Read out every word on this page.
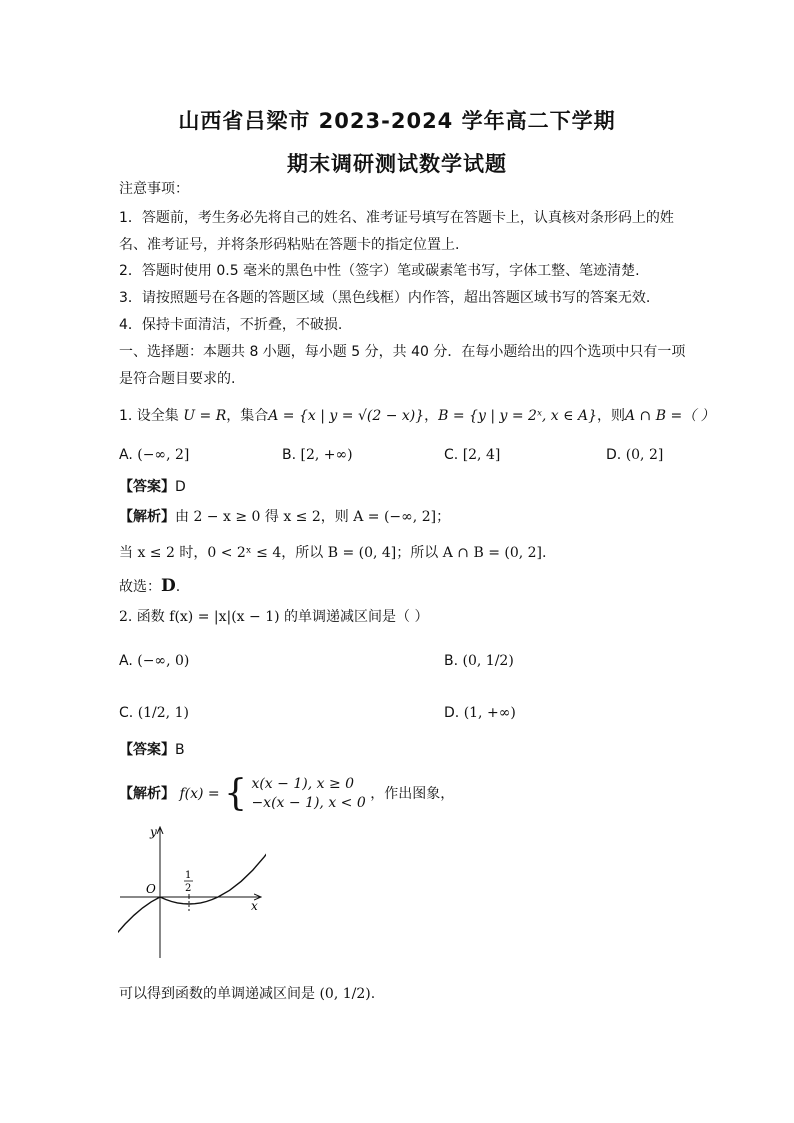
山西省吕梁市 2023-2024 学年高二下学期
期末调研测试数学试题
注意事项：
1．答题前，考生务必先将自己的姓名、准考证号填写在答题卡上，认真核对条形码上的姓
名、准考证号，并将条形码粘贴在答题卡的指定位置上.
2．答题时使用 0.5 毫米的黑色中性（签字）笔或碳素笔书写，字体工整、笔迹清楚.
3．请按照题号在各题的答题区域（黑色线框）内作答，超出答题区域书写的答案无效.
4．保持卡面清洁，不折叠，不破损.
一、选择题：本题共 8 小题，每小题 5 分，共 40 分．在每小题给出的四个选项中只有一项
是符合题目要求的.
1. 设全集 U = R，集合A = {x | y = √(2 − x)}，B = {y | y = 2ˣ, x ∈ A}，则A ∩ B =（ ）
A. (−∞, 2]	B. [2, +∞)	C. [2, 4]	D. (0, 2]
【答案】D
【解析】由 2 − x ≥ 0 得 x ≤ 2，则 A = (−∞, 2]；
当 x ≤ 2 时，0 < 2ˣ ≤ 4，所以 B = (0, 4]；所以 A ∩ B = (0, 2].
故选：D.
2. 函数 f(x) = |x|(x − 1) 的单调递减区间是（ ）
A. (−∞, 0)	B. (0, 1/2)
C. (1/2, 1)	D. (1, +∞)
【答案】B
【解析】 f(x) = { x(x − 1), x ≥ 0
−x(x − 1), x < 0
，作出图象，
x
y
O
1
2
可以得到函数的单调递减区间是 (0, 1/2).
